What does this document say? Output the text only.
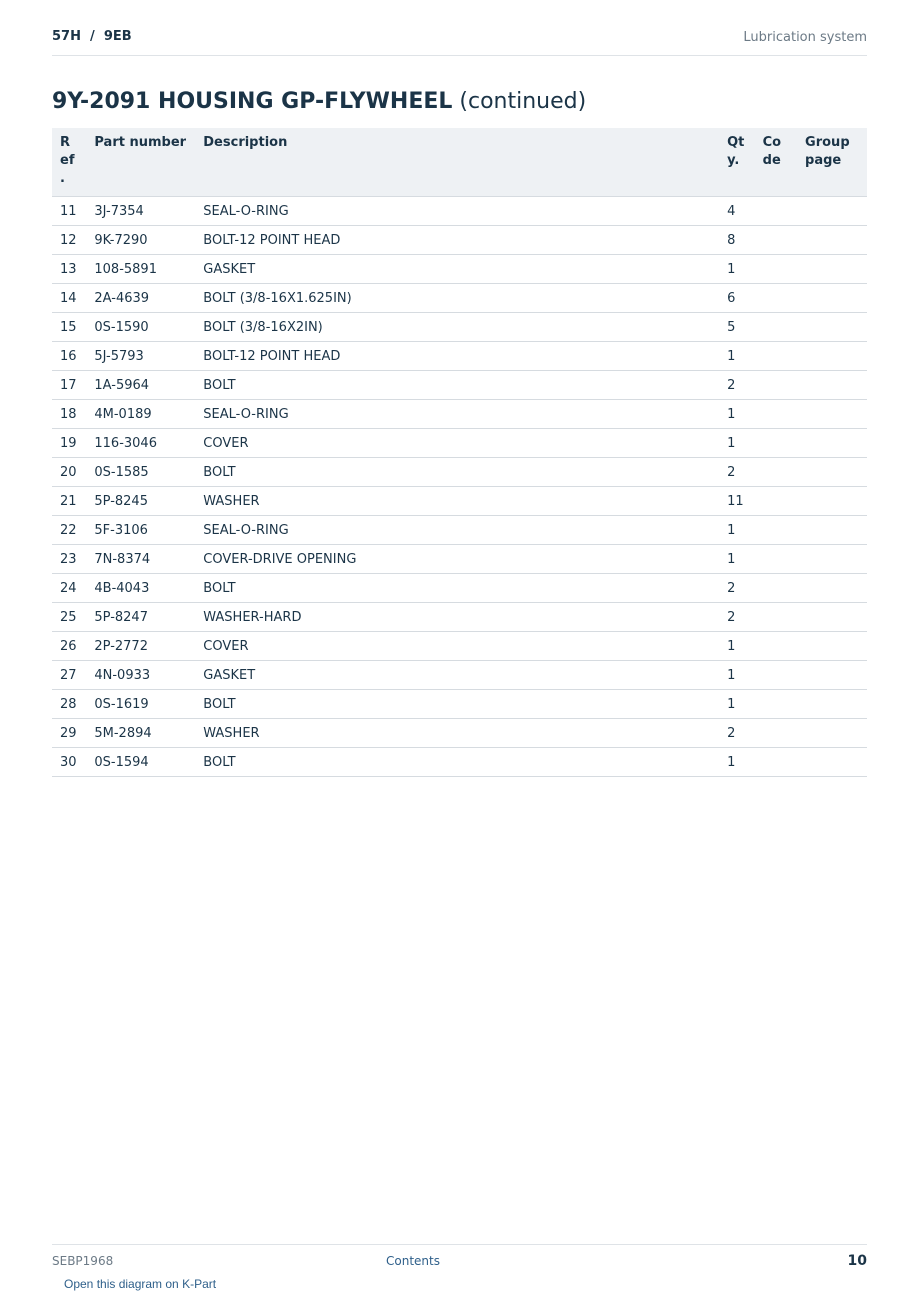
57H  /  9EB	Lubrication system
9Y-2091 HOUSING GP-FLYWHEEL (continued)
Ref.	Part number	Description	Qty.	Code	Group page
11	3J-7354	SEAL-O-RING	4		
12	9K-7290	BOLT-12 POINT HEAD	8		
13	108-5891	GASKET	1		
14	2A-4639	BOLT (3/8-16X1.625IN)	6		
15	0S-1590	BOLT (3/8-16X2IN)	5		
16	5J-5793	BOLT-12 POINT HEAD	1		
17	1A-5964	BOLT	2		
18	4M-0189	SEAL-O-RING	1		
19	116-3046	COVER	1		
20	0S-1585	BOLT	2		
21	5P-8245	WASHER	11		
22	5F-3106	SEAL-O-RING	1		
23	7N-8374	COVER-DRIVE OPENING	1		
24	4B-4043	BOLT	2		
25	5P-8247	WASHER-HARD	2		
26	2P-2772	COVER	1		
27	4N-0933	GASKET	1		
28	0S-1619	BOLT	1		
29	5M-2894	WASHER	2		
30	0S-1594	BOLT	1		
SEBP1968	Contents	10
Open this diagram on K-Part
